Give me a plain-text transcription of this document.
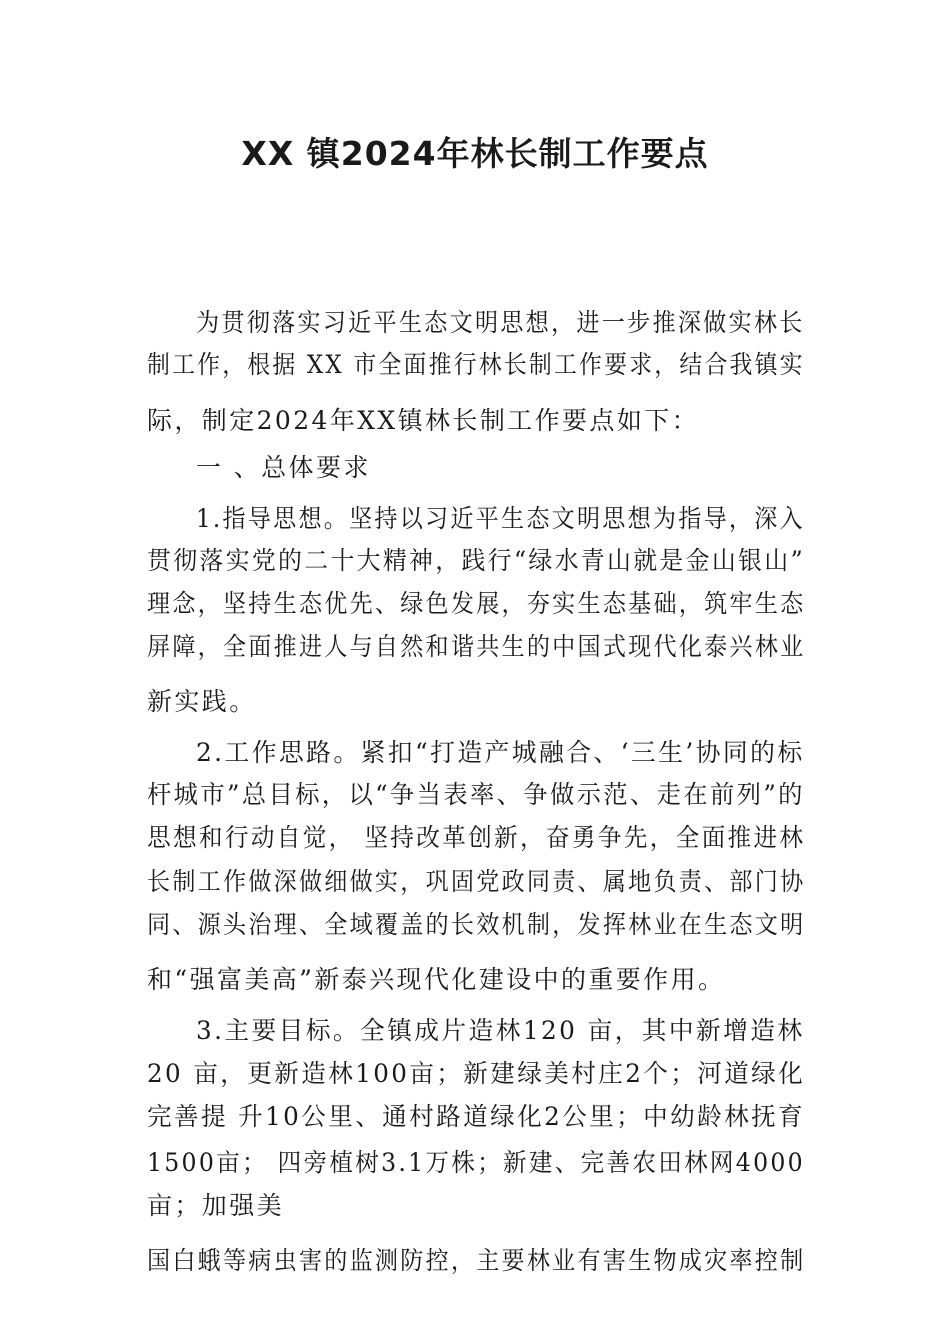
XX 镇2024年林长制工作要点
为贯彻落实习近平生态文明思想，进一步推深做实林长
制工作，根据 XX 市全面推行林长制工作要求，结合我镇实
际，制定2024年XX镇林长制工作要点如下：
一 、总体要求
1.指导思想。坚持以习近平生态文明思想为指导，深入
贯彻落实党的二十大精神，践行“绿水青山就是金山银山”
理念，坚持生态优先、绿色发展，夯实生态基础，筑牢生态
屏障，全面推进人与自然和谐共生的中国式现代化泰兴林业
新实践。
2.工作思路。紧扣“打造产城融合、‘三生’协同的标
杆城市”总目标，以“争当表率、争做示范、走在前列”的
思想和行动自觉， 坚持改革创新，奋勇争先，全面推进林
长制工作做深做细做实，巩固党政同责、属地负责、部门协
同、源头治理、全域覆盖的长效机制，发挥林业在生态文明
和“强富美高”新泰兴现代化建设中的重要作用。
3.主要目标。全镇成片造林120 亩，其中新增造林
20 亩，更新造林100亩；新建绿美村庄2个；河道绿化
完善提 升10公里、通村路道绿化2公里；中幼龄林抚育
1500亩； 四旁植树3.1万株；新建、完善农田林网4000
亩；加强美
国白蛾等病虫害的监测防控，主要林业有害生物成灾率控制
